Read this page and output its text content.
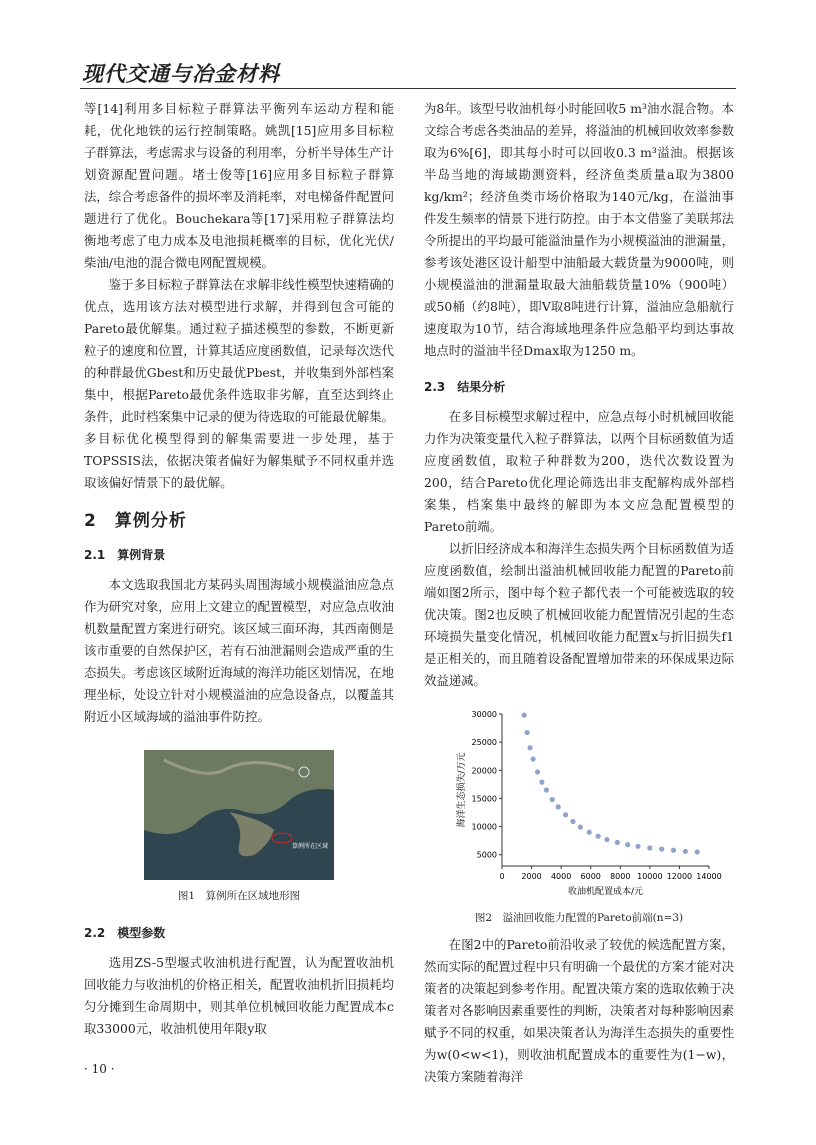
现代交通与冶金材料

等[14]利用多目标粒子群算法平衡列车运动方程和能耗，优化地铁的运行控制策略。姚凯[15]应用多目标粒子群算法，考虑需求与设备的利用率，分析半导体生产计划资源配置问题。堵士俊等[16]应用多目标粒子群算法，综合考虑备件的损坏率及消耗率，对电梯备件配置问题进行了优化。Bouchekara等[17]采用粒子群算法均衡地考虑了电力成本及电池损耗概率的目标，优化光伏/柴油/电池的混合微电网配置规模。

鉴于多目标粒子群算法在求解非线性模型快速精确的优点，选用该方法对模型进行求解，并得到包含可能的Pareto最优解集。通过粒子描述模型的参数，不断更新粒子的速度和位置，计算其适应度函数值，记录每次迭代的种群最优Gbest和历史最优Pbest，并收集到外部档案集中，根据Pareto最优条件选取非劣解，直至达到终止条件，此时档案集中记录的便为待选取的可能最优解集。多目标优化模型得到的解集需要进一步处理，基于TOPSSIS法，依据决策者偏好为解集赋予不同权重并选取该偏好情景下的最优解。

2　算例分析
2.1　算例背景

本文选取我国北方某码头周围海域小规模溢油应急点作为研究对象，应用上文建立的配置模型，对应急点收油机数量配置方案进行研究。该区域三面环海，其西南侧是该市重要的自然保护区，若有石油泄漏则会造成严重的生态损失。考虑该区域附近海域的海洋功能区划情况，在地理坐标，处设立针对小规模溢油的应急设备点，以覆盖其附近小区域海域的溢油事件防控。

算例所在区域
图1　算例所在区域地形图
2.2　模型参数

选用ZS-5型堰式收油机进行配置，认为配置收油机回收能力与收油机的价格正相关，配置收油机折旧损耗均匀分摊到生命周期中，则其单位机械回收能力配置成本c取33000元，收油机使用年限y取

为8年。该型号收油机每小时能回收5 m³油水混合物。本文综合考虑各类油品的差异，将溢油的机械回收效率参数取为6%[6]，即其每小时可以回收0.3 m³溢油。根据该半岛当地的海域勘测资料，经济鱼类质量a取为3800 kg/km²；经济鱼类市场价格取为140元/kg，在溢油事件发生频率的情景下进行防控。由于本文借鉴了美联邦法令所提出的平均最可能溢油量作为小规模溢油的泄漏量，参考该处港区设计船型中油船最大载货量为9000吨，则小规模溢油的泄漏量取最大油船载货量10%（900吨）或50桶（约8吨），即V取8吨进行计算，溢油应急船航行速度取为10节，结合海域地理条件应急船平均到达事故地点时的溢油半径Dmax取为1250 m。

2.3　结果分析

在多目标模型求解过程中，应急点每小时机械回收能力作为决策变量代入粒子群算法，以两个目标函数值为适应度函数值，取粒子种群数为200，迭代次数设置为200，结合Pareto优化理论筛选出非支配解构成外部档案集，档案集中最终的解即为本文应急配置模型的Pareto前端。

以折旧经济成本和海洋生态损失两个目标函数值为适应度函数值，绘制出溢油机械回收能力配置的Pareto前端如图2所示，图中每个粒子都代表一个可能被选取的较优决策。图2也反映了机械回收能力配置情况引起的生态环境损失量变化情况，机械回收能力配置x与折旧损失f1是正相关的，而且随着设备配置增加带来的环保成果边际效益递减。

0 2000 4000 6000 8000 10000 12000 14000
5000
10000
15000
20000
25000
30000
收油机配置成本/元
海洋生态损失/万元
图2　溢油回收能力配置的Pareto前端(n=3)

在图2中的Pareto前沿收录了较优的候选配置方案，然而实际的配置过程中只有明确一个最优的方案才能对决策者的决策起到参考作用。配置决策方案的选取依赖于决策者对各影响因素重要性的判断，决策者对每种影响因素赋予不同的权重，如果决策者认为海洋生态损失的重要性为w(0<w<1)，则收油机配置成本的重要性为(1−w)，决策方案随着海洋

· 10 ·
